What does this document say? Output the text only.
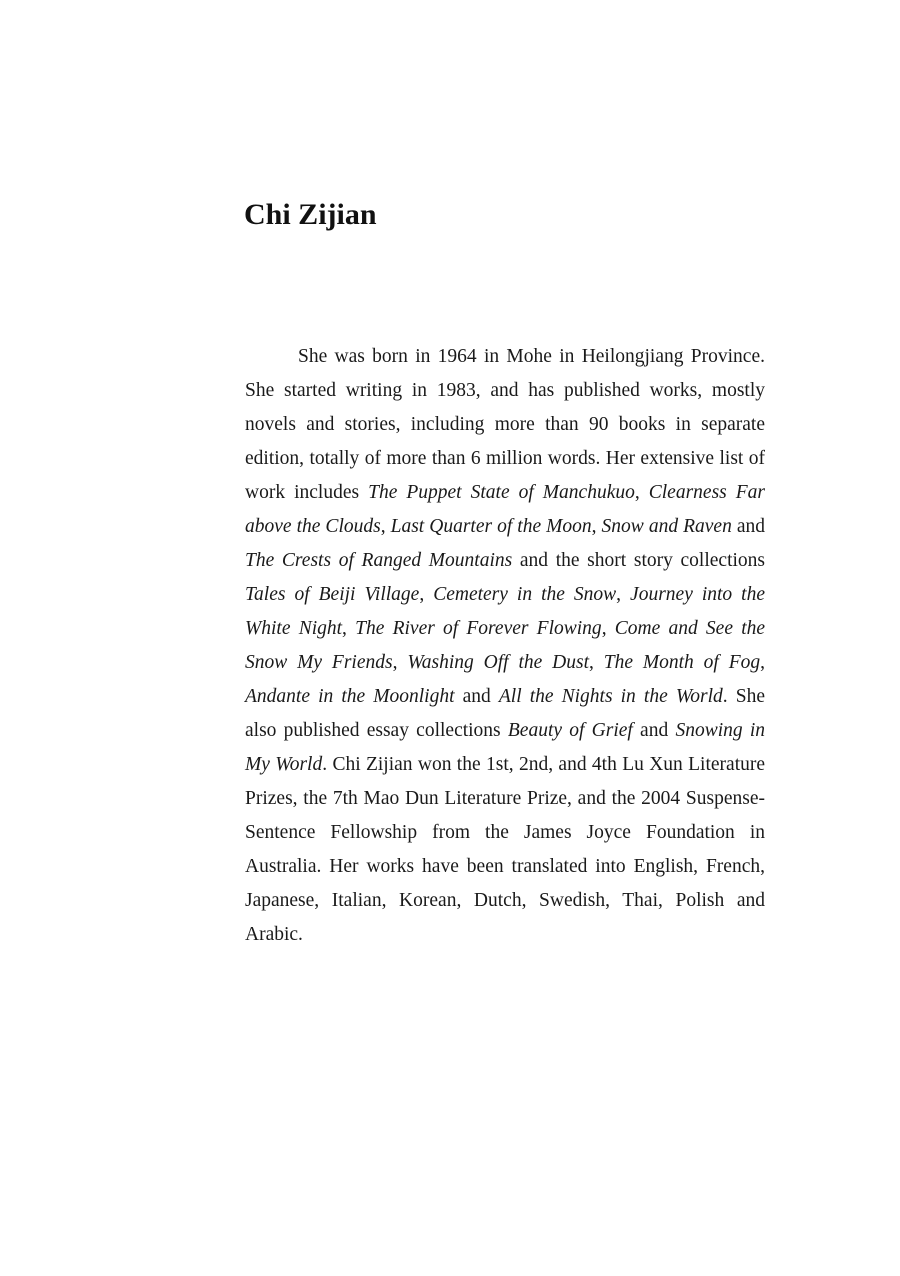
Chi Zijian

She was born in 1964 in Mohe in Heilongjiang Province. She started writing in 1983, and has published works, mostly novels and stories, including more than 90 books in separate edition, totally of more than 6 million words. Her extensive list of work includes The Puppet State of Manchukuo, Clearness Far above the Clouds, Last Quarter of the Moon, Snow and Raven and The Crests of Ranged Mountains and the short story collections Tales of Beiji Village, Cemetery in the Snow, Journey into the White Night, The River of Forever Flowing, Come and See the Snow My Friends, Washing Off the Dust, The Month of Fog, Andante in the Moonlight and All the Nights in the World. She also published essay collections Beauty of Grief and Snowing in My World. Chi Zijian won the 1st, 2nd, and 4th Lu Xun Literature Prizes, the 7th Mao Dun Literature Prize, and the 2004 Suspense-Sentence Fellowship from the James Joyce Foundation in Australia. Her works have been translated into English, French, Japanese, Italian, Korean, Dutch, Swedish, Thai, Polish and Arabic.
